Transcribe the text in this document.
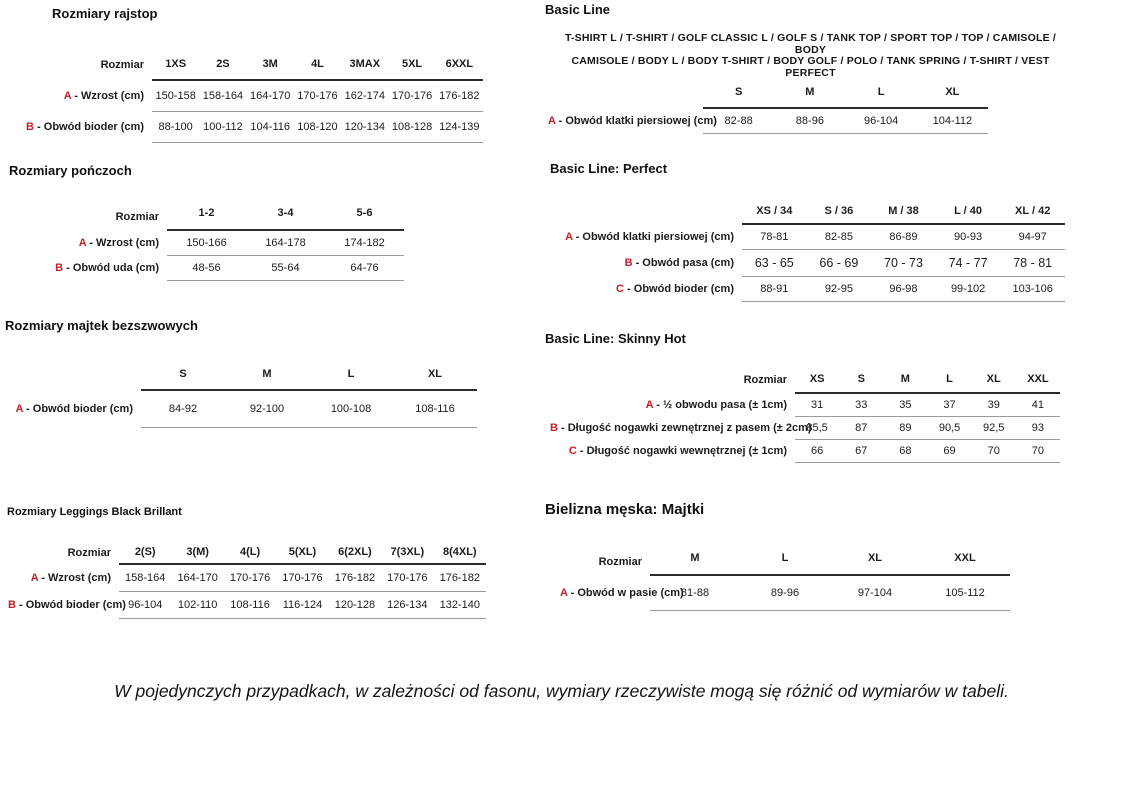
Rozmiary rajstop
Rozmiar	1XS	2S	3M	4L	3MAX	5XL	6XXL
A - Wzrost (cm)	150-158	158-164	164-170	170-176	162-174	170-176	176-182
B - Obwód bioder (cm)	88-100	100-112	104-116	108-120	120-134	108-128	124-139
Rozmiary pończoch
Rozmiar	1-2	3-4	5-6
A - Wzrost (cm)	150-166	164-178	174-182
B - Obwód uda (cm)	48-56	55-64	64-76
Rozmiary majtek bezszwowych
	S	M	L	XL
A - Obwód bioder (cm)	84-92	92-100	100-108	108-116
Rozmiary Leggings Black Brillant
Rozmiar	2(S)	3(M)	4(L)	5(XL)	6(2XL)	7(3XL)	8(4XL)
A - Wzrost (cm)	158-164	164-170	170-176	170-176	176-182	170-176	176-182
B - Obwód bioder (cm)	96-104	102-110	108-116	116-124	120-128	126-134	132-140
Basic Line
T-SHIRT L / T-SHIRT / GOLF CLASSIC L / GOLF S / TANK TOP / SPORT TOP / TOP / CAMISOLE / BODY
CAMISOLE / BODY L / BODY T-SHIRT / BODY GOLF / POLO / TANK SPRING / T-SHIRT / VEST PERFECT
	S	M	L	XL
A - Obwód klatki piersiowej (cm)	82-88	88-96	96-104	104-112
Basic Line: Perfect
	XS / 34	S / 36	M / 38	L / 40	XL / 42
A - Obwód klatki piersiowej (cm)	78-81	82-85	86-89	90-93	94-97
B - Obwód pasa (cm)	63 - 65	66 - 69	70 - 73	74 - 77	78 - 81
C - Obwód bioder (cm)	88-91	92-95	96-98	99-102	103-106
Basic Line: Skinny Hot
Rozmiar	XS	S	M	L	XL	XXL
A - ½ obwodu pasa (± 1cm)	31	33	35	37	39	41
B - Długość nogawki zewnętrznej z pasem (± 2cm)	85,5	87	89	90,5	92,5	93
C - Długość nogawki wewnętrznej (± 1cm)	66	67	68	69	70	70
Bielizna męska: Majtki
Rozmiar	M	L	XL	XXL
A - Obwód w pasie (cm)	81-88	89-96	97-104	105-112
W pojedynczych przypadkach, w zależności od fasonu, wymiary rzeczywiste mogą się różnić od wymiarów w tabeli.
